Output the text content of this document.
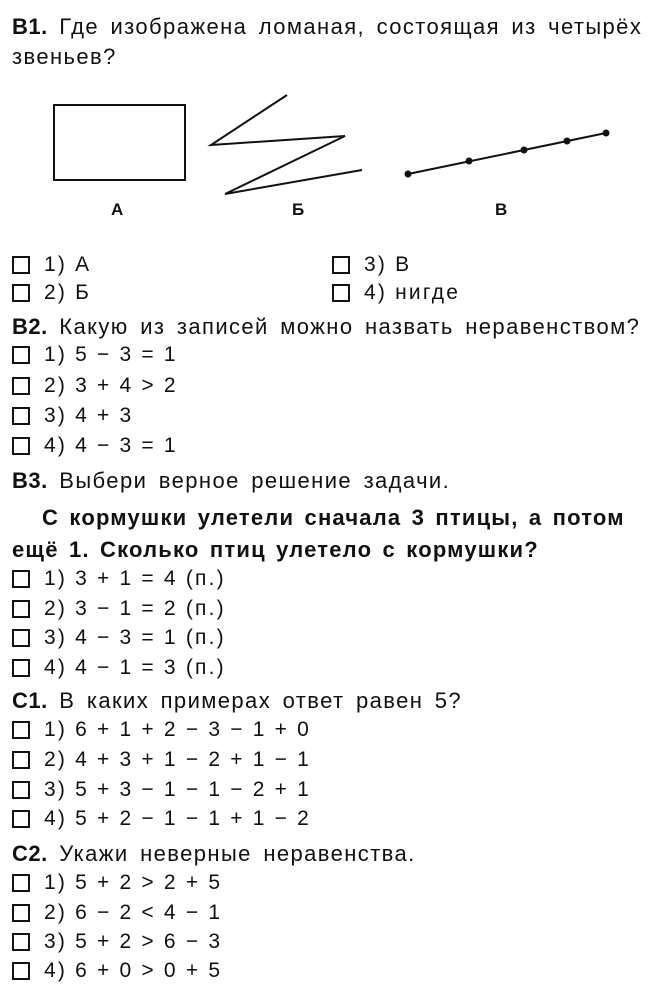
B1. Где изображена ломаная, состоящая из четырёх
звеньев?
А	Б	В
1) А
2) Б
3) В
4) нигде
B2. Какую из записей можно назвать неравенством?
1) 5 − 3 = 1
2) 3 + 4 > 2
3) 4 + 3
4) 4 − 3 = 1
B3. Выбери верное решение задачи.
С кормушки улетели сначала 3 птицы, а потом
ещё 1. Сколько птиц улетело с кормушки?
1) 3 + 1 = 4 (п.)
2) 3 − 1 = 2 (п.)
3) 4 − 3 = 1 (п.)
4) 4 − 1 = 3 (п.)
C1. В каких примерах ответ равен 5?
1) 6 + 1 + 2 − 3 − 1 + 0
2) 4 + 3 + 1 − 2 + 1 − 1
3) 5 + 3 − 1 − 1 − 2 + 1
4) 5 + 2 − 1 − 1 + 1 − 2
C2. Укажи неверные неравенства.
1) 5 + 2 > 2 + 5
2) 6 − 2 < 4 − 1
3) 5 + 2 > 6 − 3
4) 6 + 0 > 0 + 5
